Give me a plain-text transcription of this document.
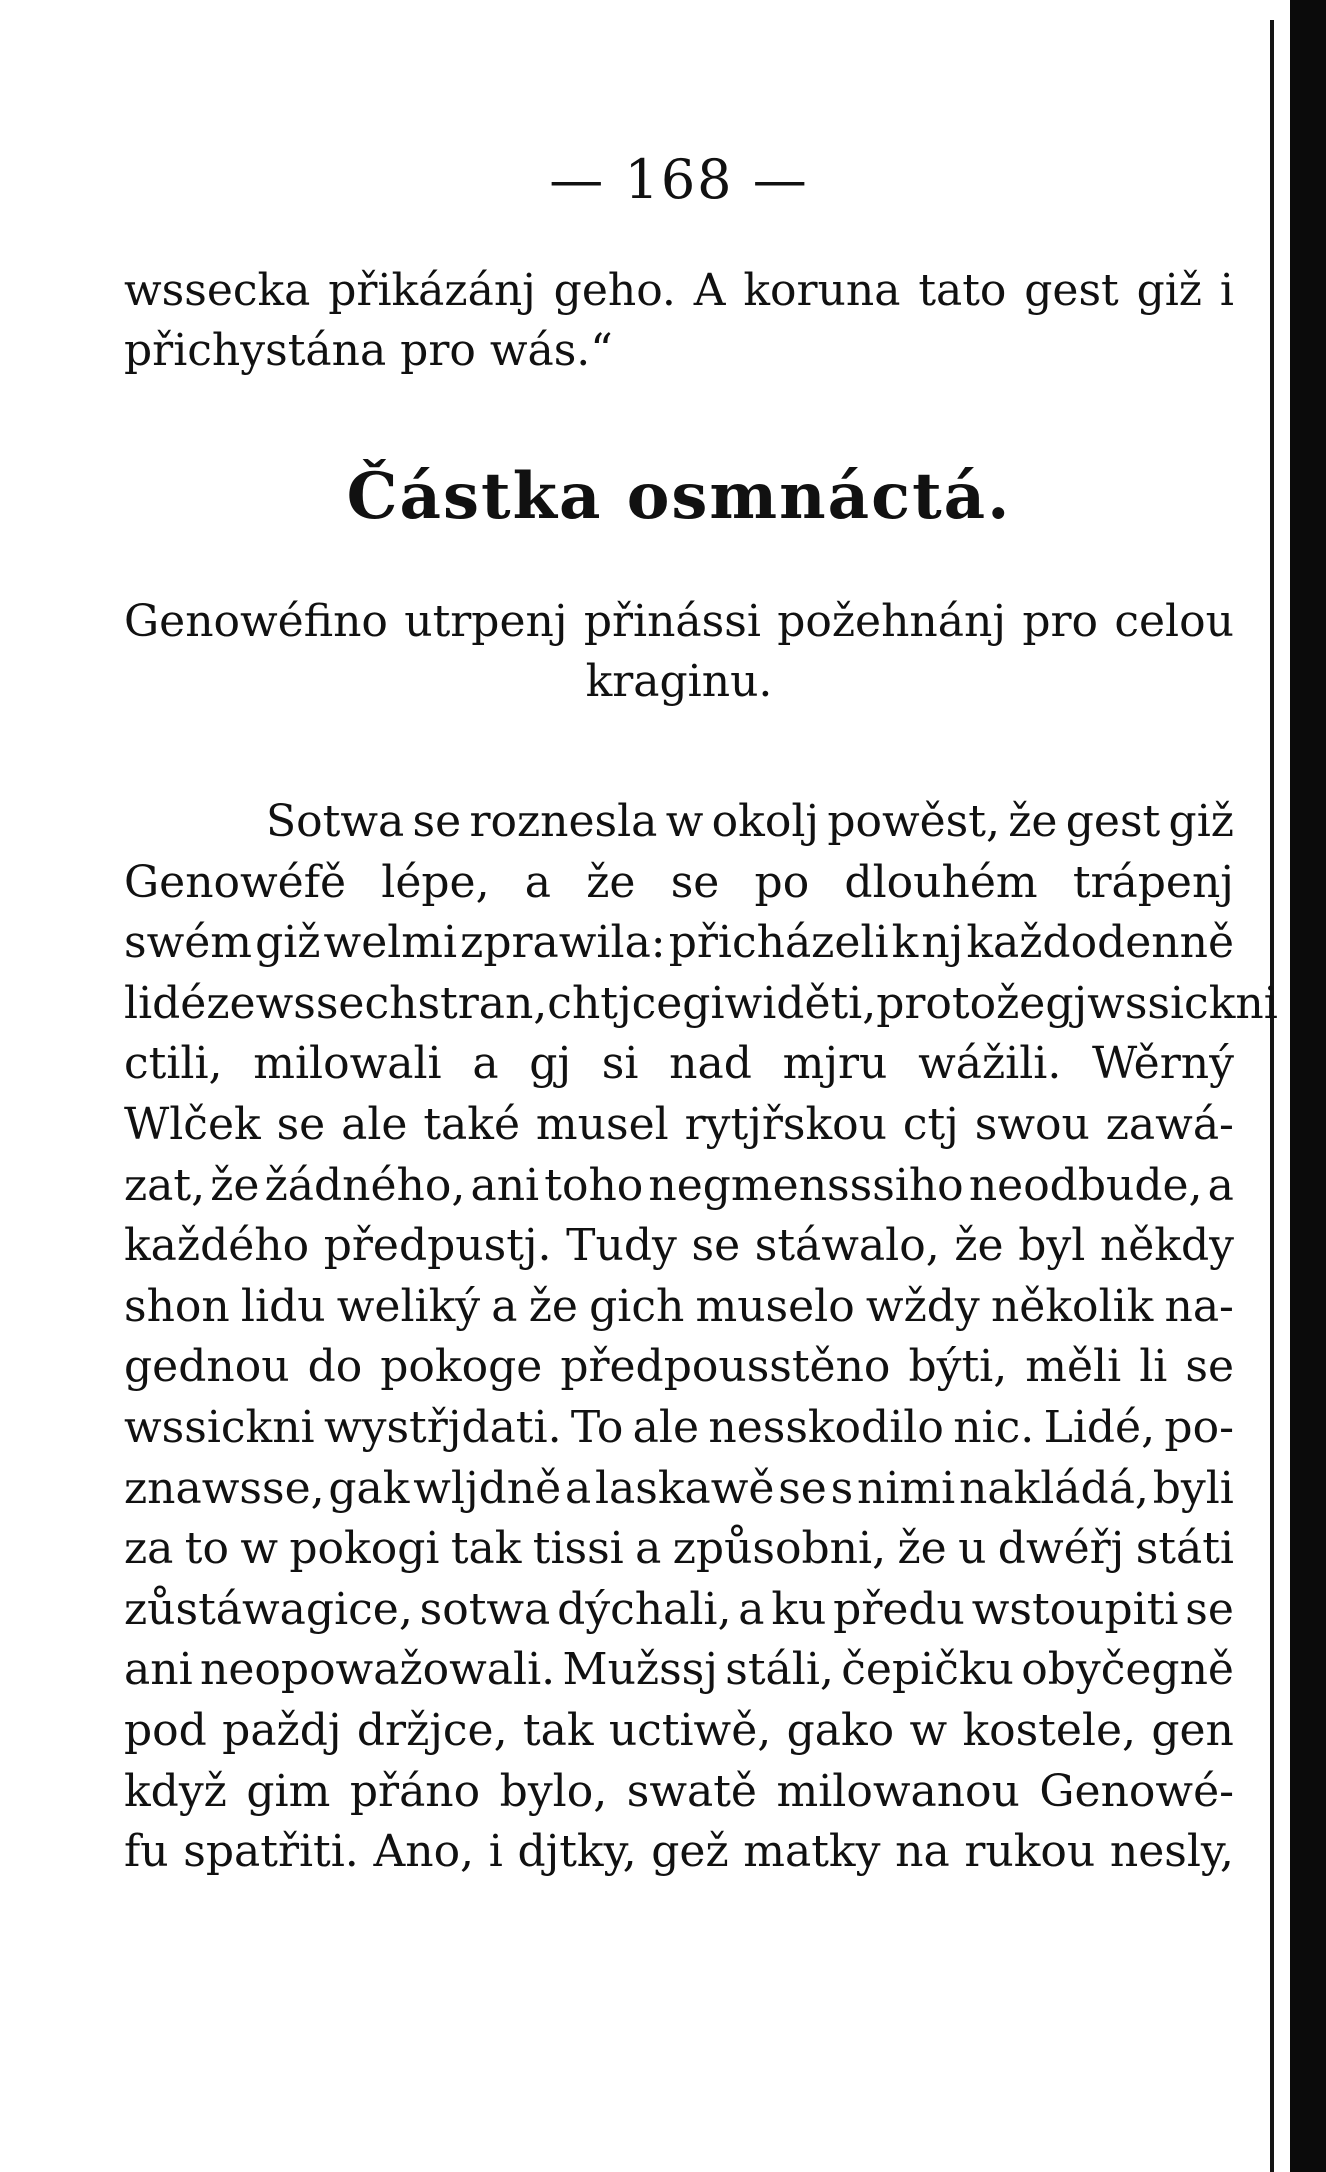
— 168 —
wssecka přikázánj geho. A koruna tato gest giž i
přichystána pro wás.“
Částka osmnáctá.
Genowéfino utrpenj přinássi požehnánj pro celou
kraginu.
Sotwa se roznesla w okolj powěst, že gest giž
Genowéfě lépe, a že se po dlouhém trápenj
swém giž welmi zprawila: přicházeli k nj každodenně
lidé ze wssech stran, chtjce gi widěti, proto že gj wssickni
ctili, milowali a gj si nad mjru wážili. Wěrný
Wlček se ale také musel rytjřskou ctj swou zawá-
zat, že žádného, ani toho negmensssiho neodbude, a
každého předpustj. Tudy se stáwalo, že byl někdy
shon lidu weliký a že gich muselo wždy několik na-
gednou do pokoge předpousstěno býti, měli li se
wssickni wystřjdati. To ale nesskodilo nic. Lidé, po-
znawsse, gak wljdně a laskawě se s nimi nakládá, byli
za to w pokogi tak tissi a způsobni, že u dwéřj státi
zůstáwagice, sotwa dýchali, a ku předu wstoupiti se
ani neopowažowali. Mužssj stáli, čepičku obyčegně
pod paždj držjce, tak uctiwě, gako w kostele, gen
když gim přáno bylo, swatě milowanou Genowé-
fu spatřiti. Ano, i djtky, gež matky na rukou nesly,
